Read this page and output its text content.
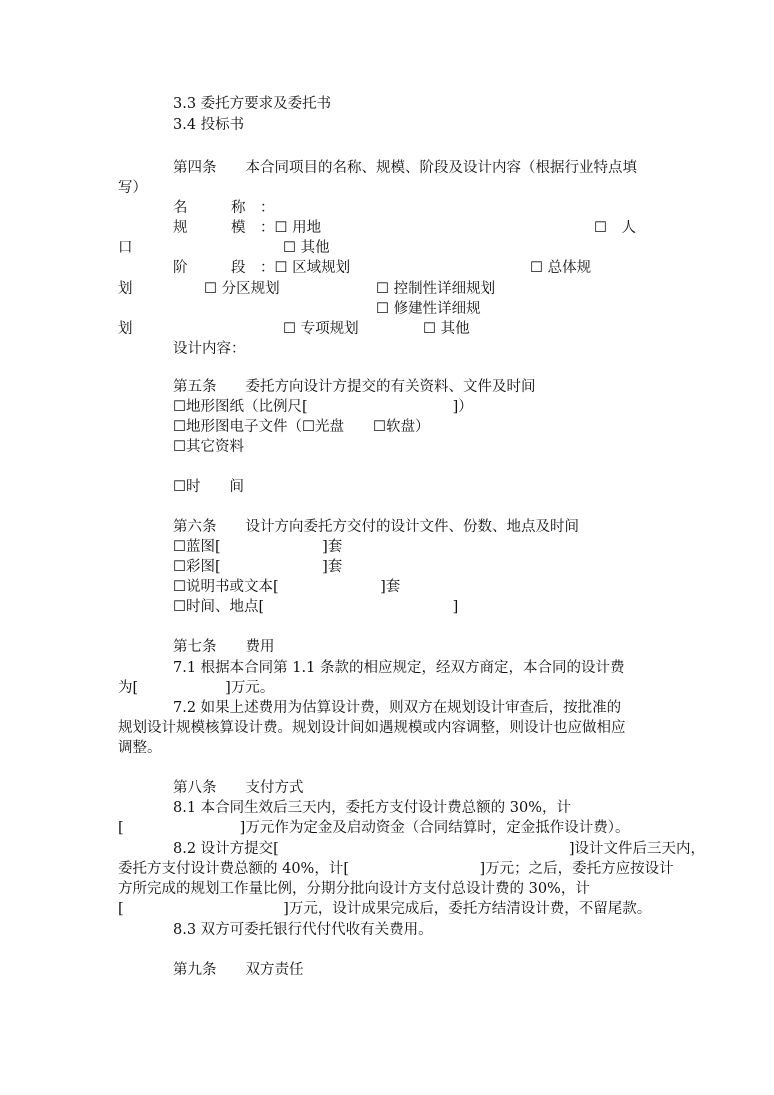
3.3 委托方要求及委托书
3.4 投标书
第四条　　本合同项目的名称、规模、阶段及设计内容（根据行业特点填
写）
名　　　称　：
规　　　模　：☐ 用地	☐　人
口	☐ 其他
阶　　　段　：☐ 区域规划	☐ 总体规
划	☐ 分区规划	☐ 控制性详细规划
☐ 修建性详细规
划	☐ 专项规划	☐ 其他
设计内容：
第五条　　委托方向设计方提交的有关资料、文件及时间
☐地形图纸（比例尺[　　　　　　　　　　]）
☐地形图电子文件（☐光盘　　☐软盘）
☐其它资料
☐时　　间
第六条　　设计方向委托方交付的设计文件、份数、地点及时间
☐蓝图[　　　　　　　]套
☐彩图[　　　　　　　]套
☐说明书或文本[　　　　　　　]套
☐时间、地点[　　　　　　　　　　　　　]
第七条　　费用
7.1 根据本合同第 1.1 条款的相应规定，经双方商定，本合同的设计费
为[　　　　　　]万元。
7.2 如果上述费用为估算设计费，则双方在规划设计审查后，按批准的
规划设计规模核算设计费。规划设计间如遇规模或内容调整，则设计也应做相应
调整。
第八条　　支付方式
8.1 本合同生效后三天内，委托方支付设计费总额的 30%，计
[　　　　　　　　]万元作为定金及启动资金（合同结算时，定金抵作设计费）。
8.2 设计方提交[　　　　　　　　　　　　　　　　　　　　]设计文件后三天内，
委托方支付设计费总额的 40%，计[　　　　　　　　　]万元；之后，委托方应按设计
方所完成的规划工作量比例，分期分批向设计方支付总设计费的 30%，计
[　　　　　　　　　　　]万元，设计成果完成后，委托方结清设计费，不留尾款。
8.3 双方可委托银行代付代收有关费用。
第九条　　双方责任
